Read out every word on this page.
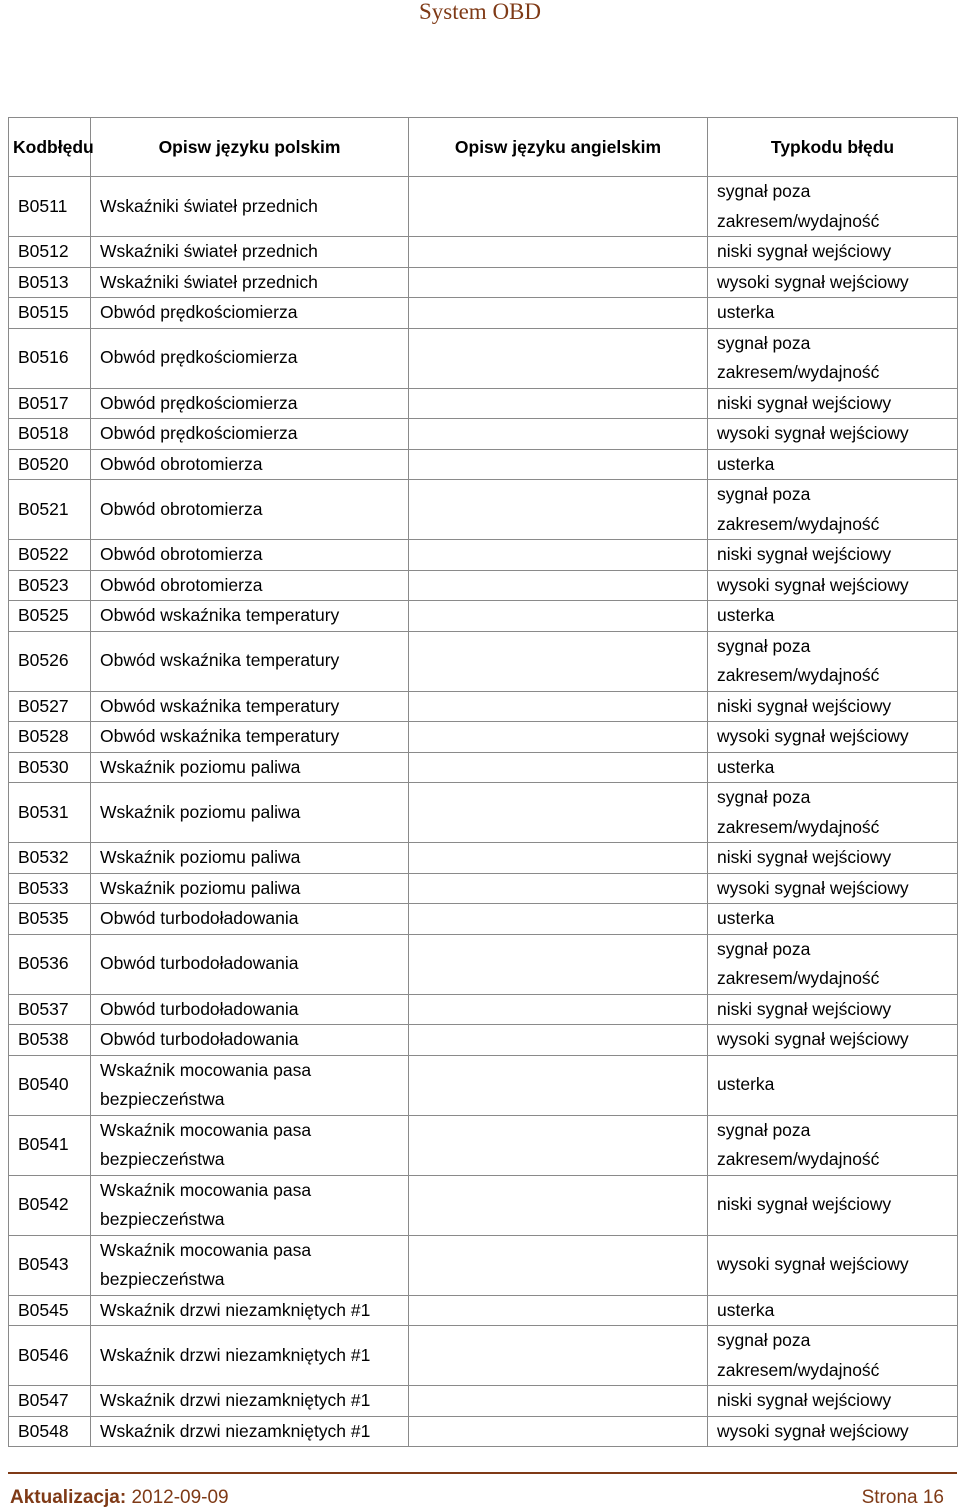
System OBD
Kodbłędu	Opisw języku polskim	Opisw języku angielskim	Typkodu błędu
B0511	Wskaźniki świateł przednich		sygnał poza
zakresem/wydajność

B0512	Wskaźniki świateł przednich		niski sygnał wejściowy

B0513	Wskaźniki świateł przednich		wysoki sygnał wejściowy

B0515	Obwód prędkościomierza		usterka

B0516	Obwód prędkościomierza		sygnał poza
zakresem/wydajność

B0517	Obwód prędkościomierza		niski sygnał wejściowy

B0518	Obwód prędkościomierza		wysoki sygnał wejściowy

B0520	Obwód obrotomierza		usterka

B0521	Obwód obrotomierza		sygnał poza
zakresem/wydajność

B0522	Obwód obrotomierza		niski sygnał wejściowy

B0523	Obwód obrotomierza		wysoki sygnał wejściowy

B0525	Obwód wskaźnika temperatury		usterka

B0526	Obwód wskaźnika temperatury		sygnał poza
zakresem/wydajność

B0527	Obwód wskaźnika temperatury		niski sygnał wejściowy

B0528	Obwód wskaźnika temperatury		wysoki sygnał wejściowy

B0530	Wskaźnik poziomu paliwa		usterka

B0531	Wskaźnik poziomu paliwa		sygnał poza
zakresem/wydajność

B0532	Wskaźnik poziomu paliwa		niski sygnał wejściowy

B0533	Wskaźnik poziomu paliwa		wysoki sygnał wejściowy

B0535	Obwód turbodoładowania		usterka

B0536	Obwód turbodoładowania		sygnał poza
zakresem/wydajność

B0537	Obwód turbodoładowania		niski sygnał wejściowy

B0538	Obwód turbodoładowania		wysoki sygnał wejściowy

B0540	Wskaźnik mocowania pasa
bezpieczeństwa		usterka

B0541	Wskaźnik mocowania pasa
bezpieczeństwa		sygnał poza
zakresem/wydajność

B0542	Wskaźnik mocowania pasa
bezpieczeństwa		niski sygnał wejściowy

B0543	Wskaźnik mocowania pasa
bezpieczeństwa		wysoki sygnał wejściowy

B0545	Wskaźnik drzwi niezamkniętych #1		usterka

B0546	Wskaźnik drzwi niezamkniętych #1		sygnał poza
zakresem/wydajność

B0547	Wskaźnik drzwi niezamkniętych #1		niski sygnał wejściowy

B0548	Wskaźnik drzwi niezamkniętych #1		wysoki sygnał wejściowy
Aktualizacja: 2012-09-09	Strona 16
